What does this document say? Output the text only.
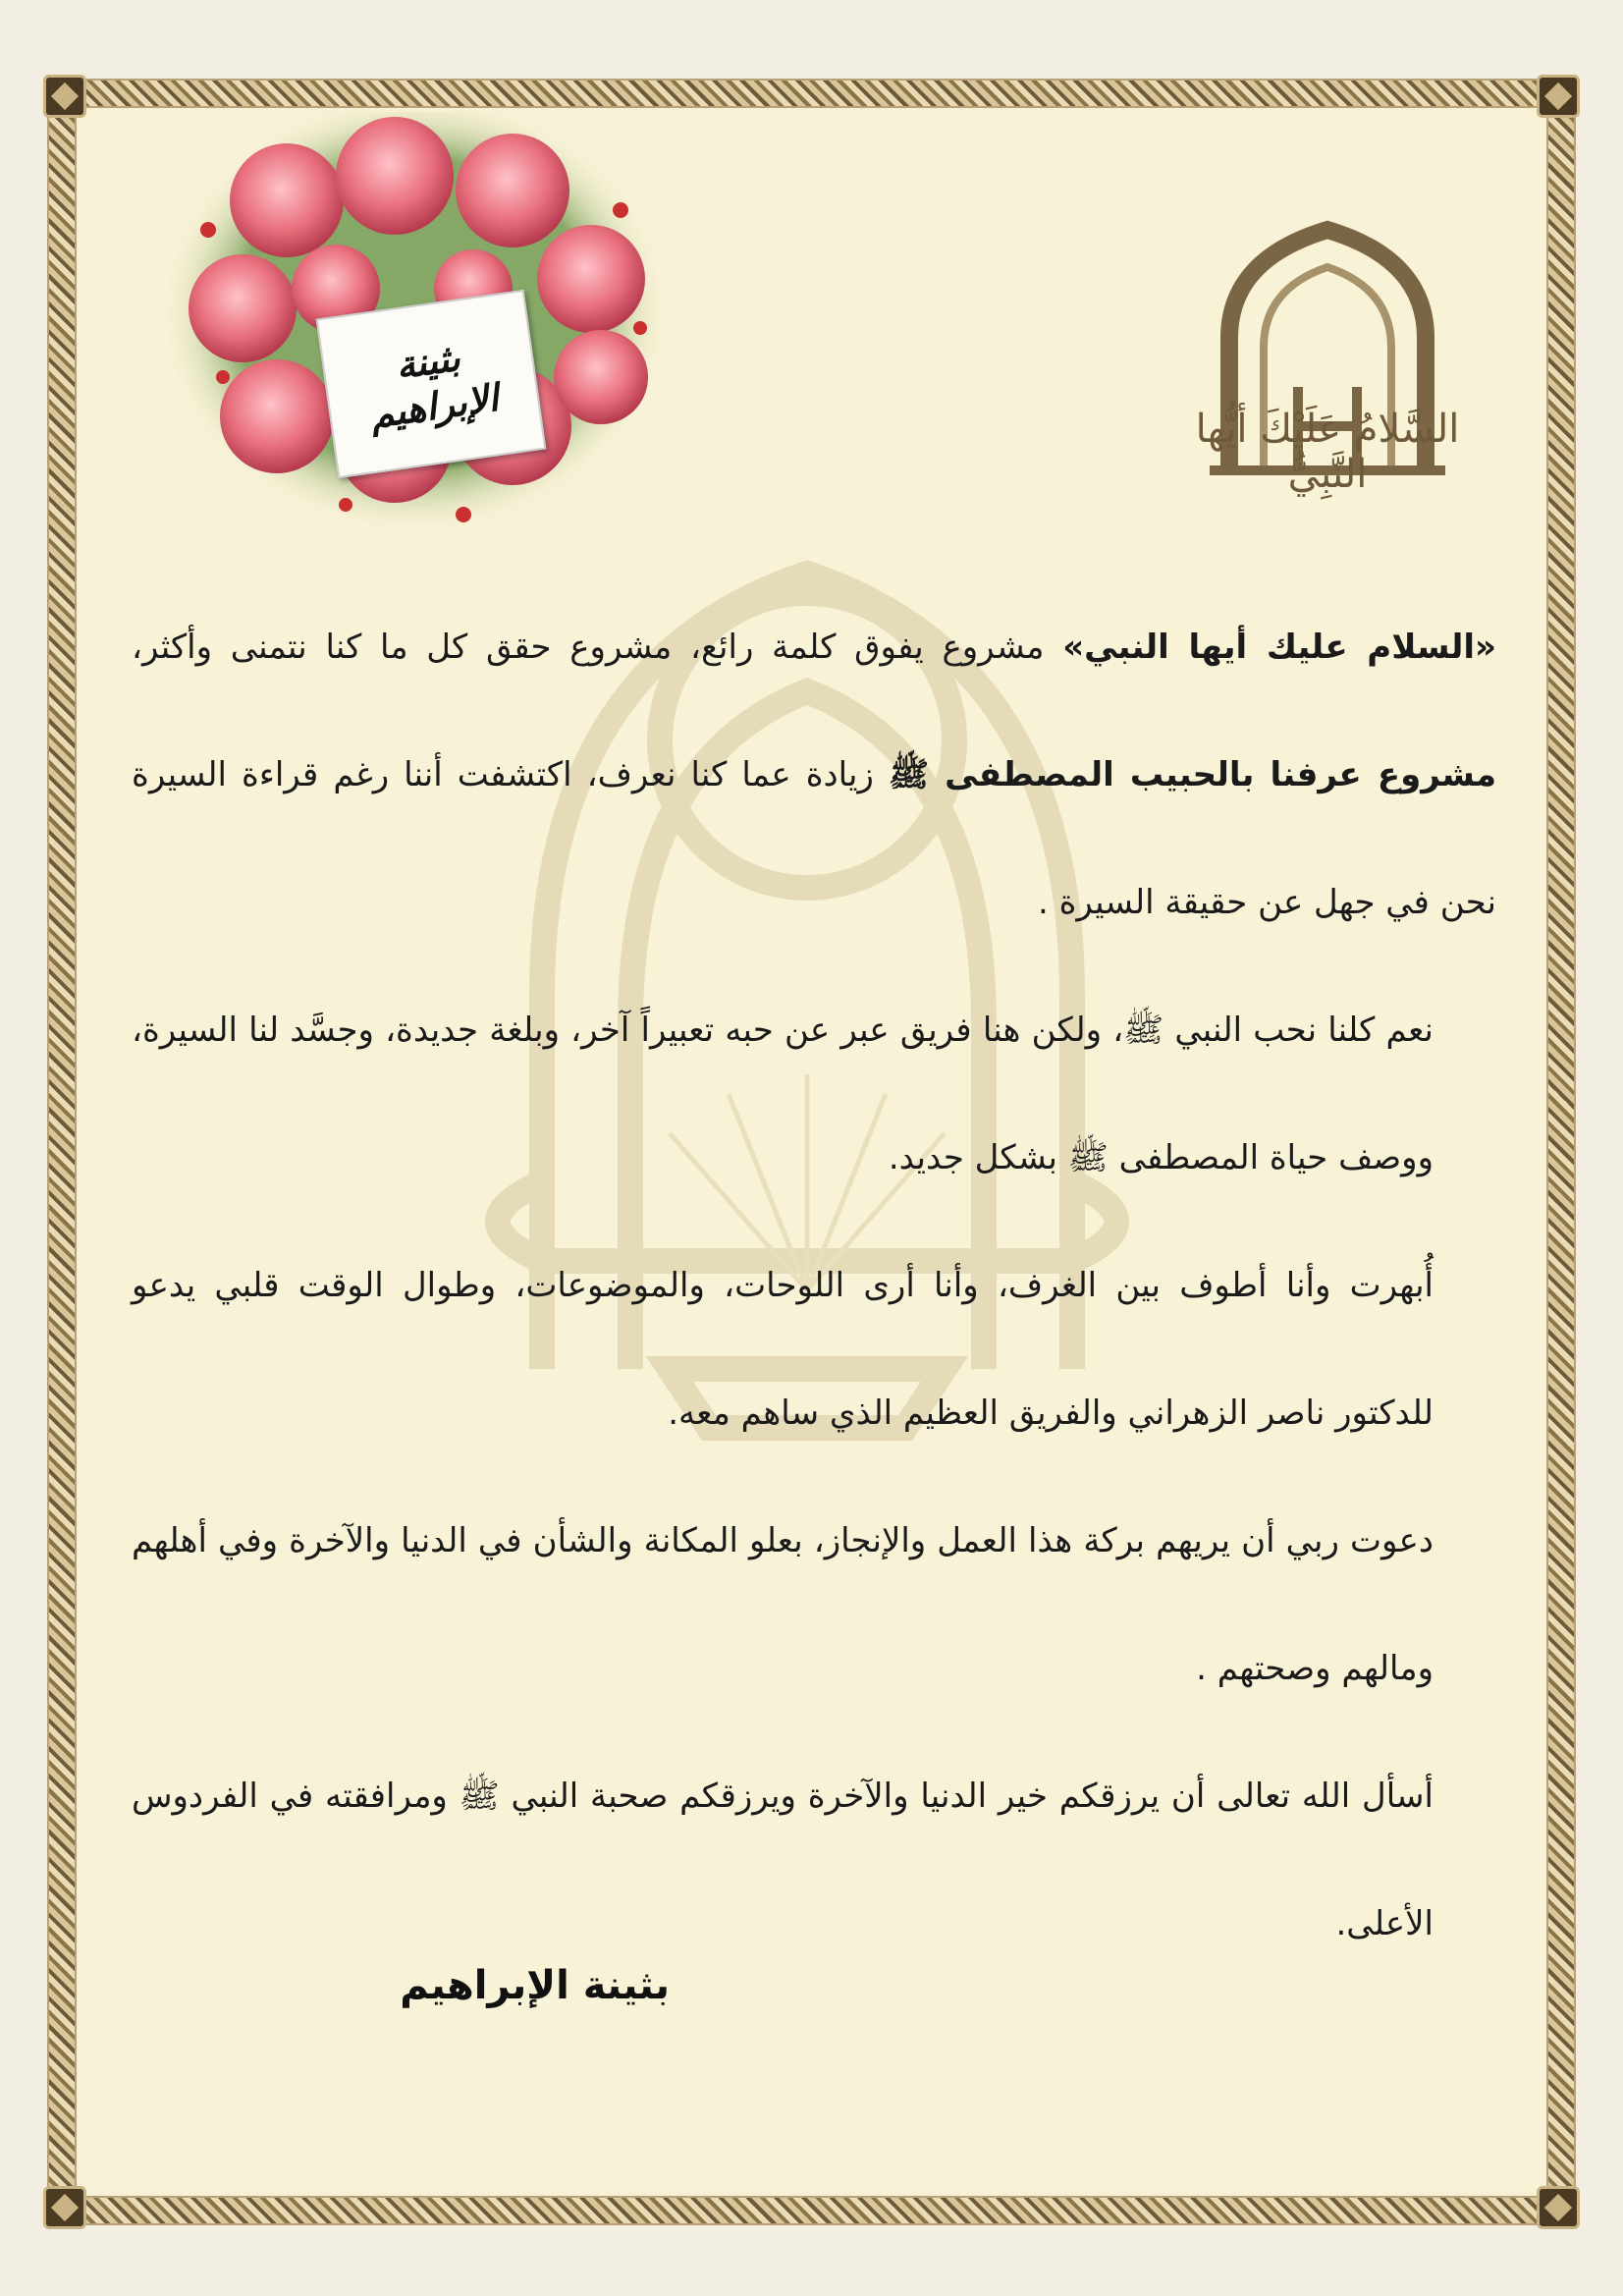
السَّلامُ عَلَيْكَ أيُّها النَّبِيُّ
بثينة
الإبراهيم

«السلام عليك أيها النبي» مشروع يفوق كلمة رائع، مشروع حقق كل ما كنا نتمنى وأكثر، مشروع عرفنا بالحبيب المصطفى ﷺ زيادة عما كنا نعرف، اكتشفت أننا رغم قراءة السيرة نحن في جهل عن حقيقة السيرة .

نعم كلنا نحب النبي ﷺ، ولكن هنا فريق عبر عن حبه تعبيراً آخر، وبلغة جديدة، وجسَّد لنا السيرة، ووصف حياة المصطفى ﷺ بشكل جديد.

أُبهرت وأنا أطوف بين الغرف، وأنا أرى اللوحات، والموضوعات، وطوال الوقت قلبي يدعو للدكتور ناصر الزهراني والفريق العظيم الذي ساهم معه.

دعوت ربي أن يريهم بركة هذا العمل والإنجاز، بعلو المكانة والشأن في الدنيا والآخرة وفي أهلهم ومالهم وصحتهم .

أسأل الله تعالى أن يرزقكم خير الدنيا والآخرة ويرزقكم صحبة النبي ﷺ ومرافقته في الفردوس الأعلى.

بثينة الإبراهيم
